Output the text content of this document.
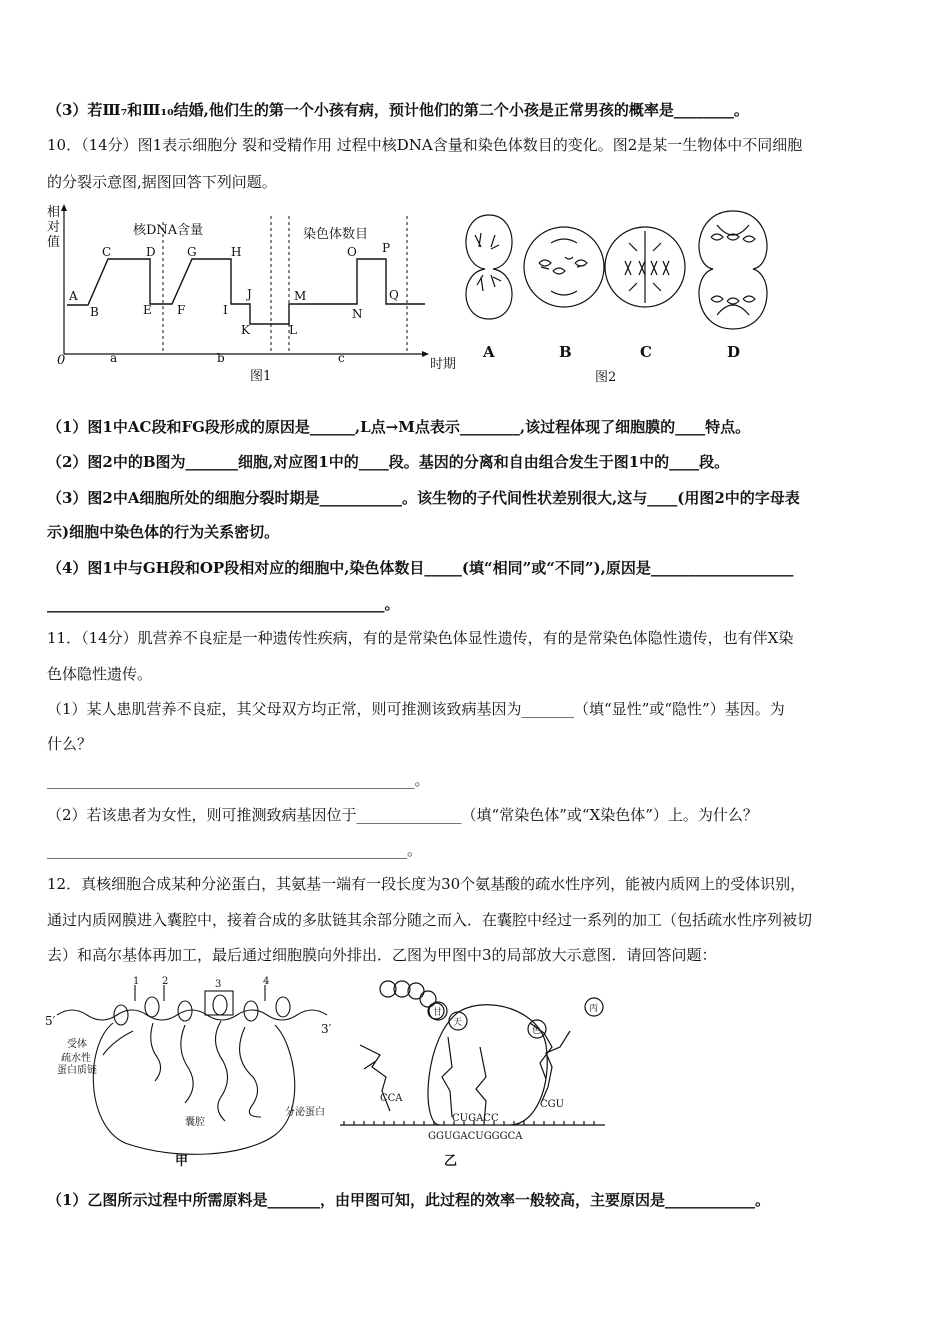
（3）若Ⅲ₇和Ⅲ₁₀结婚,他们生的第一个小孩有病，预计他们的第二个小孩是正常男孩的概率是________。
10．（14分）图1表示细胞分 裂和受精作用 过程中核DNA含量和染色体数目的变化。图2是某一生物体中不同细胞
的分裂示意图,据图回答下列问题。
相
对
值
0	时期
核DNA含量	染色体数目
图1
a	b	c
A
B
C	D
E F
G	H
I
J
K	L
M
N
O P
Q
A	B	C	D
图2
（1）图1中AC段和FG段形成的原因是______,L点→M点表示________,该过程体现了细胞膜的____特点。
（2）图2中的B图为_______细胞,对应图1中的____段。基因的分离和自由组合发生于图1中的____段。
（3）图2中A细胞所处的细胞分裂时期是___________。该生物的子代间性状差别很大,这与____(用图2中的字母表
示)细胞中染色体的行为关系密切。
（4）图1中与GH段和OP段相对应的细胞中,染色体数目_____(填“相同”或“不同”),原因是___________________
_____________________________________________。
11．（14分）肌营养不良症是一种遗传性疾病，有的是常染色体显性遗传，有的是常染色体隐性遗传，也有伴X染
色体隐性遗传。
（1）某人患肌营养不良症，其父母双方均正常，则可推测该致病基因为_______（填“显性”或“隐性”）基因。为
什么？
_________________________________________________。
（2）若该患者为女性，则可推测致病基因位于______________（填“常染色体”或“X染色体”）上。为什么？
________________________________________________。
12．真核细胞合成某种分泌蛋白，其氨基一端有一段长度为30个氨基酸的疏水性序列，能被内质网上的受体识别，
通过内质网膜进入囊腔中，接着合成的多肽链其余部分随之而入．在囊腔中经过一系列的加工（包括疏水性序列被切
去）和高尔基体再加工，最后通过细胞膜向外排出．乙图为甲图中3的局部放大示意图．请回答问题：
1 2	3	4
5′
3′
受体
疏水性
蛋白质链
囊腔
分泌蛋白
甲
甘
天
色
丙
CCA
CUGACC
CGU
GGUGACUGGGCA
乙
（1）乙图所示过程中所需原料是_______，由甲图可知，此过程的效率一般较高，主要原因是____________。
